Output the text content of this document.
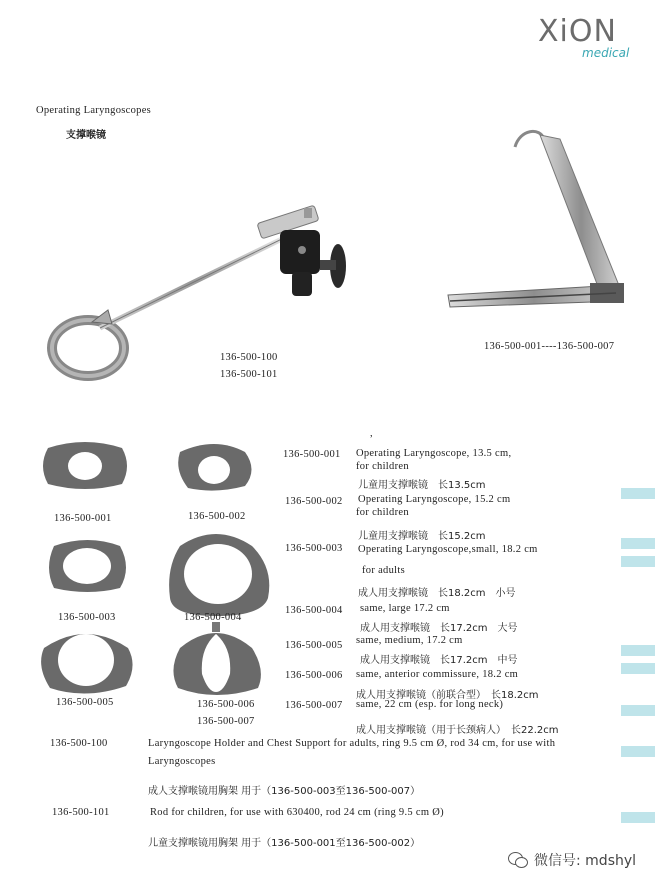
XiON
medical
Operating Laryngoscopes
支撑喉镜
136-500-100
136-500-101
136-500-001----136-500-007
,
136-500-001	136-500-002
136-500-003	136-500-004
136-500-005	136-500-006
136-500-007
136-500-001 Operating Laryngoscope, 13.5 cm,
for children
儿童用支撑喉镜　长13.5cm
136-500-002 Operating Laryngoscope, 15.2 cm
for children
儿童用支撑喉镜　长15.2cm
136-500-003 Operating Laryngoscope,small, 18.2 cm
for adults
成人用支撑喉镜　长18.2cm　小号
136-500-004 same, large 17.2 cm
成人用支撑喉镜　长17.2cm　大号
136-500-005 same, medium, 17.2 cm
成人用支撑喉镜　长17.2cm　中号
136-500-006 same, anterior commissure, 18.2 cm
成人用支撑喉镜（前联合型）　长18.2cm
136-500-007 same, 22 cm (esp. for long neck)
成人用支撑喉镜（用于长颈病人）　长22.2cm
136-500-100	Laryngoscope Holder and Chest Support for adults, ring 9.5 cm Ø, rod 34 cm, for use with
Laryngoscopes
成人支撑喉镜用胸架 用于（136-500-003至136-500-007）
136-500-101	Rod for children, for use with 630400, rod 24 cm (ring 9.5 cm Ø)
儿童支撑喉镜用胸架 用于（136-500-001至136-500-002）
微信号: mdshyl
